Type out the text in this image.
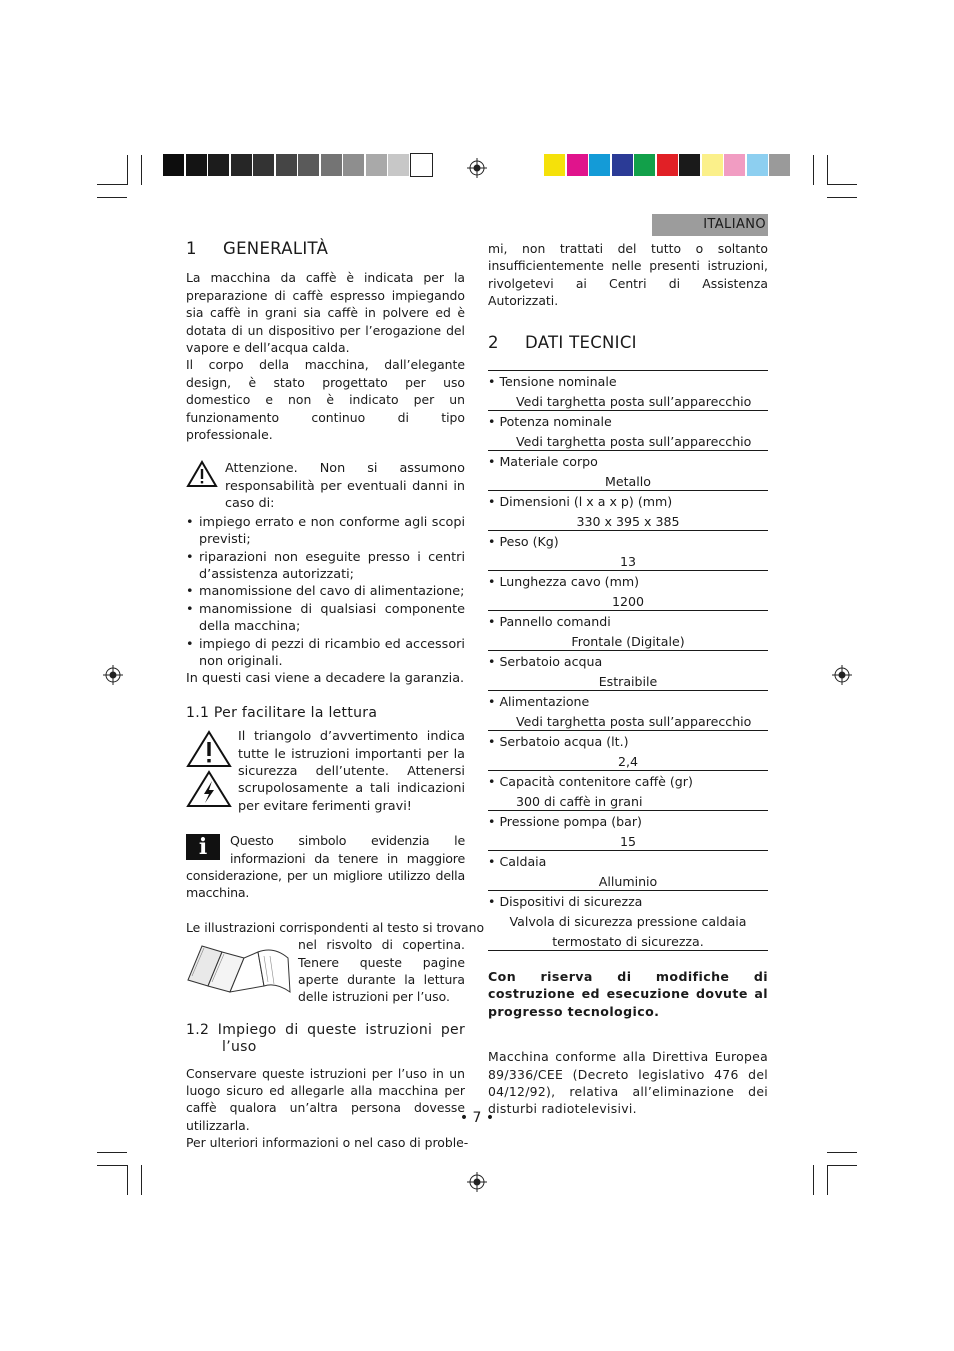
ITALIANO
1 GENERALITÀ

La macchina da caffè è indicata per la preparazione di caffè espresso impiegando sia caffè in grani sia caffè in polvere ed è dotata di un dispositivo per l’erogazione del vapore e dell’acqua calda.

Il corpo della macchina, dall’elegante design, è stato progettato per uso domestico e non è indicato per un funzionamento continuo di tipo professionale.

Attenzione. Non si assumono responsabilità per eventuali danni in caso di:
• impiego errato e non conforme agli scopi previsti;
• riparazioni non eseguite presso i centri d’assistenza autorizzati;
• manomissione del cavo di alimentazione;
• manomissione di qualsiasi componente della macchina;
• impiego di pezzi di ricambio ed accessori non originali.
In questi casi viene a decadere la garanzia.
1.1 Per facilitare la lettura
Il triangolo d’avvertimento indica tutte le istruzioni importanti per la sicurezza dell’utente. Attenersi scrupolosamente a tali indicazioni per evitare ferimenti gravi!
i	Questo simbolo evidenzia le informazioni da tenere in maggiore considerazione, per un migliore utilizzo della macchina.
Le illustrazioni corrispondenti al testo si trovano
nel risvolto di copertina. Tenere queste pagine aperte durante la lettura delle istruzioni per l’uso.
1.2 Impiego di queste istruzioni per l’uso

Conservare queste istruzioni per l’uso in un luogo sicuro ed allegarle alla macchina per caffè qualora un’altra persona dovesse utilizzarla.

Per ulteriori informazioni o nel caso di proble-

mi, non trattati del tutto o soltanto insufficientemente nelle presenti istruzioni, rivolgetevi ai Centri di Assistenza Autorizzati.

2 DATI TECNICI
• Tensione nominale
Vedi targhetta posta sull’apparecchio
• Potenza nominale
Vedi targhetta posta sull’apparecchio
• Materiale corpo
Metallo
• Dimensioni (l x a x p) (mm)
330 x 395 x 385
• Peso (Kg)
13
• Lunghezza cavo (mm)
1200
• Pannello comandi
Frontale (Digitale)
• Serbatoio acqua
Estraibile
• Alimentazione
Vedi targhetta posta sull’apparecchio
• Serbatoio acqua (lt.)
2,4
• Capacità contenitore caffè (gr)
300 di caffè in grani
• Pressione pompa (bar)
15
• Caldaia
Alluminio
• Dispositivi di sicurezza
Valvola di sicurezza pressione caldaia
termostato di sicurezza.

Con riserva di modifiche di costruzione ed esecuzione dovute al progresso tecnologico.

Macchina conforme alla Direttiva Europea 89/336/CEE (Decreto legislativo 476 del 04/12/92), relativa all’eliminazione dei disturbi radiotelevisivi.

• 7 •
